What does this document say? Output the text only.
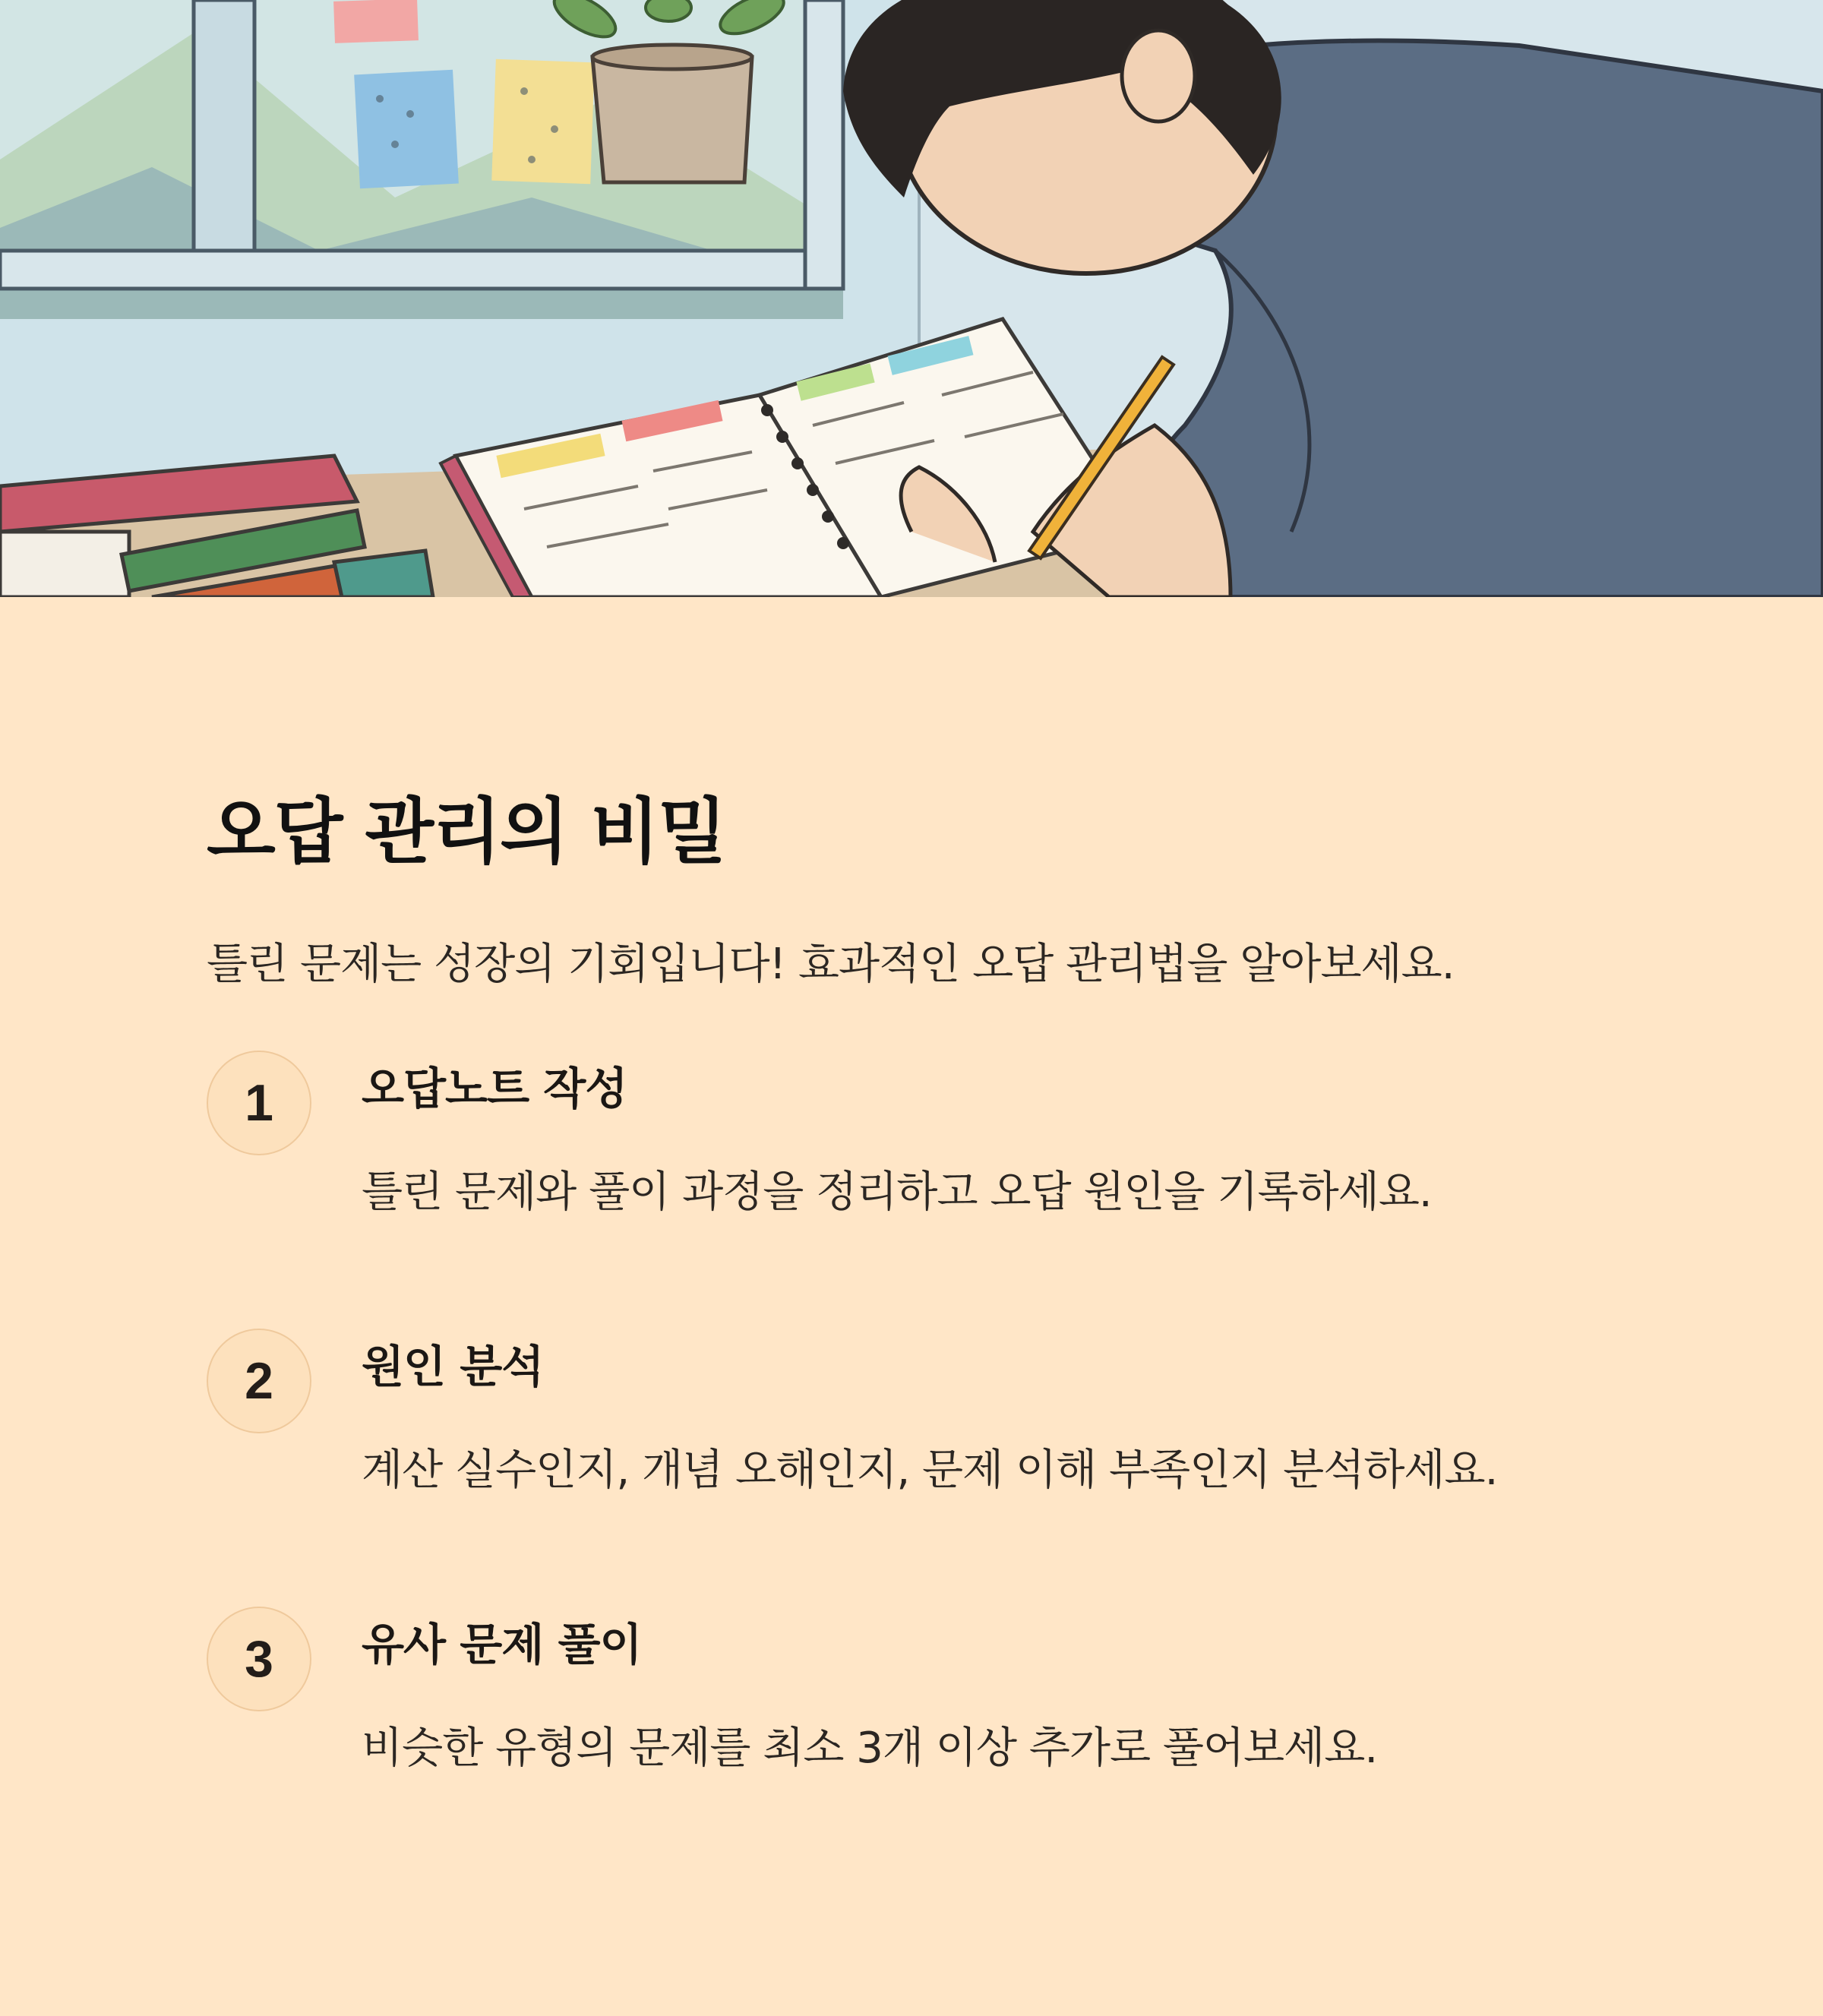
오답 관리의 비밀

틀린 문제는 성장의 기회입니다! 효과적인 오답 관리법을 알아보세요.

1	오답노트 작성

틀린 문제와 풀이 과정을 정리하고 오답 원인을 기록하세요.

2	원인 분석

계산 실수인지, 개념 오해인지, 문제 이해 부족인지 분석하세요.

3	유사 문제 풀이

비슷한 유형의 문제를 최소 3개 이상 추가로 풀어보세요.
